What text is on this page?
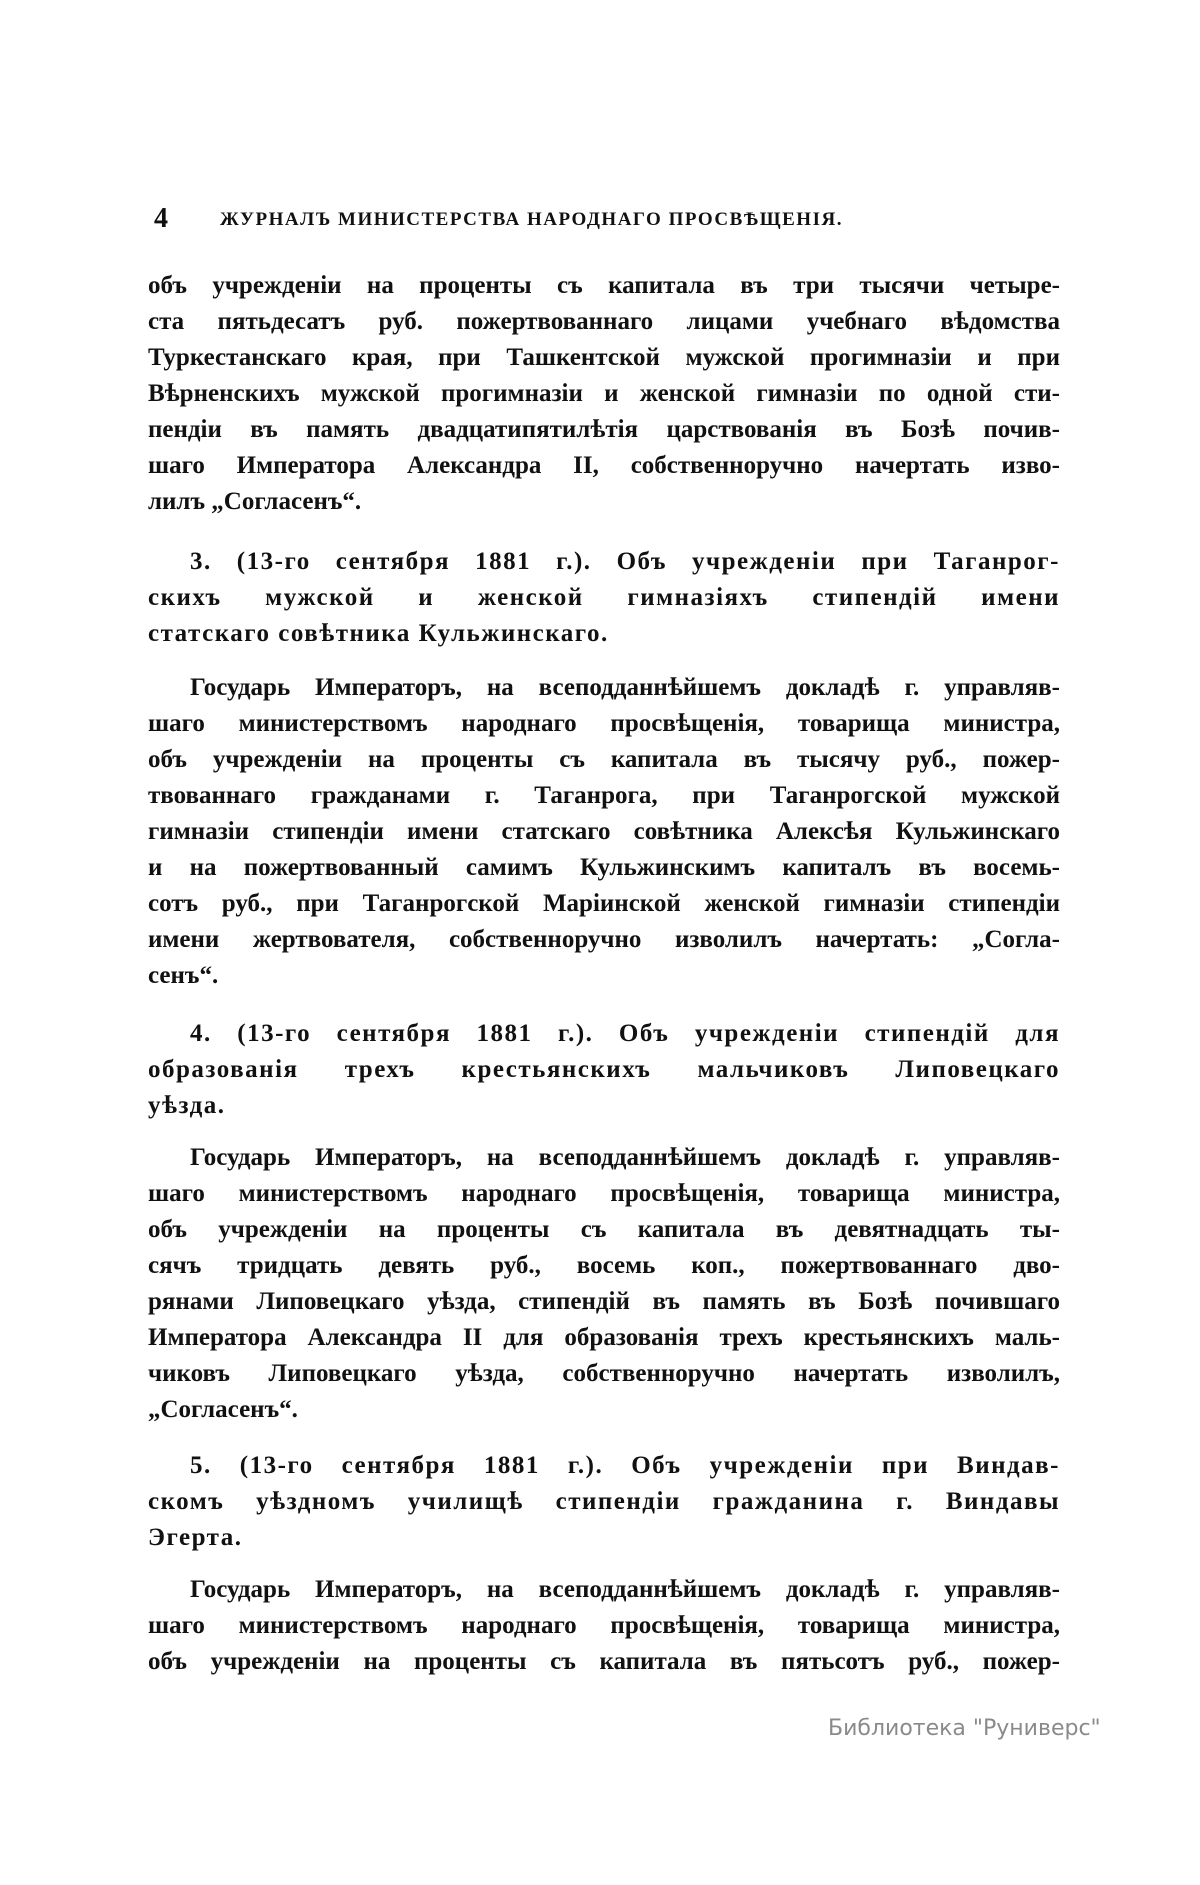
4	ЖУРНАЛЪ МИНИСТЕРСТВА НАРОДНАГО ПРОСВѢЩЕНІЯ.
объ учрежденіи на проценты съ капитала въ три тысячи четыре-
ста пятьдесатъ руб. пожертвованнаго лицами учебнаго вѣдомства
Туркестанскаго края, при Ташкентской мужской прогимназіи и при
Вѣрненскихъ мужской прогимназіи и женской гимназіи по одной сти-
пендіи въ память двадцатипятилѣтія царствованія въ Бозѣ почив-
шаго Императора Александра II, собственноручно начертать изво-
лилъ „Согласенъ“.
3. (13-го сентября 1881 г.). Объ учрежденіи при Таганрог-
скихъ мужской и женской гимназіяхъ стипендій имени
статскаго совѣтника Кульжинскаго.
Государь Императоръ, на всеподданнѣйшемъ докладѣ г. управляв-
шаго министерствомъ народнаго просвѣщенія, товарища министра,
объ учрежденіи на проценты съ капитала въ тысячу руб., пожер-
твованнаго гражданами г. Таганрога, при Таганрогской мужской
гимназіи стипендіи имени статскаго совѣтника Алексѣя Кульжинскаго
и на пожертвованный самимъ Кульжинскимъ капиталъ въ восемь-
сотъ руб., при Таганрогской Маріинской женской гимназіи стипендіи
имени жертвователя, собственноручно изволилъ начертать: „Согла-
сенъ“.
4. (13-го сентября 1881 г.). Объ учрежденіи стипендій для
образованія трехъ крестьянскихъ мальчиковъ Липовецкаго
уѣзда.
Государь Императоръ, на всеподданнѣйшемъ докладѣ г. управляв-
шаго министерствомъ народнаго просвѣщенія, товарища министра,
объ учрежденіи на проценты съ капитала въ девятнадцать ты-
сячъ тридцать девять руб., восемь коп., пожертвованнаго дво-
рянами Липовецкаго уѣзда, стипендій въ память въ Бозѣ почившаго
Императора Александра II для образованія трехъ крестьянскихъ маль-
чиковъ Липовецкаго уѣзда, собственноручно начертать изволилъ,
„Согласенъ“.
5. (13-го сентября 1881 г.). Объ учрежденіи при Виндав-
скомъ уѣздномъ училищѣ стипендіи гражданина г. Виндавы
Эгерта.
Государь Императоръ, на всеподданнѣйшемъ докладѣ г. управляв-
шаго министерствомъ народнаго просвѣщенія, товарища министра,
объ учрежденіи на проценты съ капитала въ пятьсотъ руб., пожер-
Библиотека "Руниверс"
